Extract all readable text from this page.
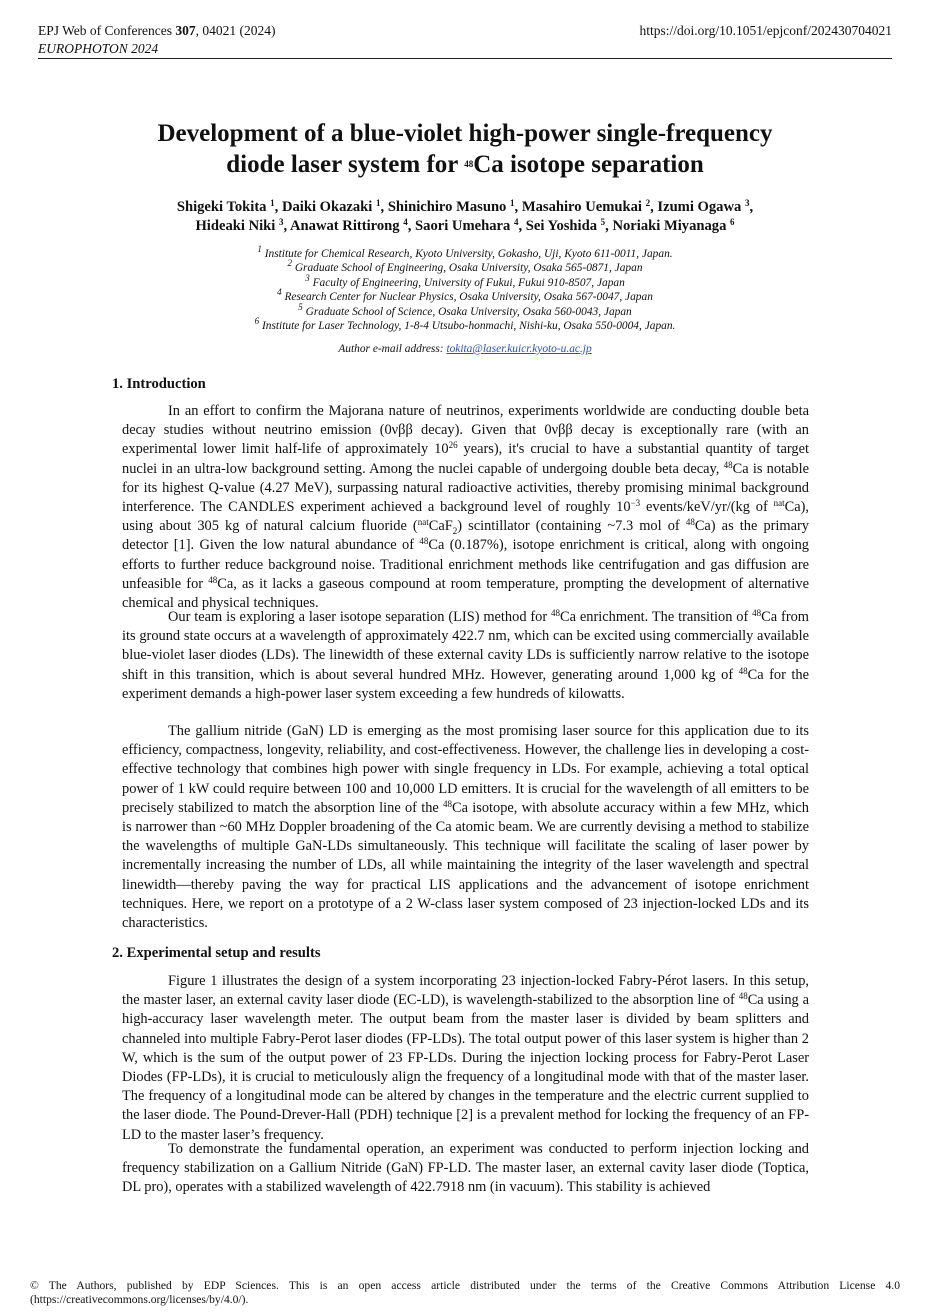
EPJ Web of Conferences 307, 04021 (2024)
EUROPHOTON 2024
https://doi.org/10.1051/epjconf/202430704021
Development of a blue-violet high-power single-frequency
diode laser system for $^{48}$Ca isotope separation
Shigeki Tokita $^1$, Daiki Okazaki $^1$, Shinichiro Masuno $^1$, Masahiro Uemukai $^2$, Izumi Ogawa $^3$,
Hideaki Niki $^3$, Anawat Rittirong $^4$, Saori Umehara $^4$, Sei Yoshida $^5$, Noriaki Miyanaga $^6$
$^1$ Institute for Chemical Research, Kyoto University, Gokasho, Uji, Kyoto 611-0011, Japan.
$^2$ Graduate School of Engineering, Osaka University, Osaka 565-0871, Japan
$^3$ Faculty of Engineering, University of Fukui, Fukui 910-8507, Japan
$^4$ Research Center for Nuclear Physics, Osaka University, Osaka 567-0047, Japan
$^5$ Graduate School of Science, Osaka University, Osaka 560-0043, Japan
$^6$ Institute for Laser Technology, 1-8-4 Utsubo-honmachi, Nishi-ku, Osaka 550-0004, Japan.
Author e-mail address: tokita@laser.kuicr.kyoto-u.ac.jp
1. Introduction
In an effort to confirm the Majorana nature of neutrinos, experiments worldwide are conducting double beta decay studies without neutrino emission (0νββ decay). Given that 0νββ decay is exceptionally rare (with an experimental lower limit half-life of approximately $10^{26}$ years), it's crucial to have a substantial quantity of target nuclei in an ultra-low background setting. Among the nuclei capable of undergoing double beta decay, $^{48}$Ca is notable for its highest Q-value (4.27 MeV), surpassing natural radioactive activities, thereby promising minimal background interference. The CANDLES experiment achieved a background level of roughly $10^{-3}$ events/keV/yr/(kg of $^{nat}$Ca), using about 305 kg of natural calcium fluoride ($^{nat}$CaF$_2$) scintillator (containing ~7.3 mol of $^{48}$Ca) as the primary detector [1]. Given the low natural abundance of $^{48}$Ca (0.187%), isotope enrichment is critical, along with ongoing efforts to further reduce background noise. Traditional enrichment methods like centrifugation and gas diffusion are unfeasible for $^{48}$Ca, as it lacks a gaseous compound at room temperature, prompting the development of alternative chemical and physical techniques.
Our team is exploring a laser isotope separation (LIS) method for $^{48}$Ca enrichment. The transition of $^{48}$Ca from its ground state occurs at a wavelength of approximately 422.7 nm, which can be excited using commercially available blue-violet laser diodes (LDs). The linewidth of these external cavity LDs is sufficiently narrow relative to the isotope shift in this transition, which is about several hundred MHz. However, generating around 1,000 kg of $^{48}$Ca for the experiment demands a high-power laser system exceeding a few hundreds of kilowatts.
The gallium nitride (GaN) LD is emerging as the most promising laser source for this application due to its efficiency, compactness, longevity, reliability, and cost-effectiveness. However, the challenge lies in developing a cost-effective technology that combines high power with single frequency in LDs. For example, achieving a total optical power of 1 kW could require between 100 and 10,000 LD emitters. It is crucial for the wavelength of all emitters to be precisely stabilized to match the absorption line of the $^{48}$Ca isotope, with absolute accuracy within a few MHz, which is narrower than ~60 MHz Doppler broadening of the Ca atomic beam. We are currently devising a method to stabilize the wavelengths of multiple GaN-LDs simultaneously. This technique will facilitate the scaling of laser power by incrementally increasing the number of LDs, all while maintaining the integrity of the laser wavelength and spectral linewidth—thereby paving the way for practical LIS applications and the advancement of isotope enrichment techniques. Here, we report on a prototype of a 2 W-class laser system composed of 23 injection-locked LDs and its characteristics.
2. Experimental setup and results
Figure 1 illustrates the design of a system incorporating 23 injection-locked Fabry-Pérot lasers. In this setup, the master laser, an external cavity laser diode (EC-LD), is wavelength-stabilized to the absorption line of $^{48}$Ca using a high-accuracy laser wavelength meter. The output beam from the master laser is divided by beam splitters and channeled into multiple Fabry-Perot laser diodes (FP-LDs). The total output power of this laser system is higher than 2 W, which is the sum of the output power of 23 FP-LDs. During the injection locking process for Fabry-Perot Laser Diodes (FP-LDs), it is crucial to meticulously align the frequency of a longitudinal mode with that of the master laser. The frequency of a longitudinal mode can be altered by changes in the temperature and the electric current supplied to the laser diode. The Pound-Drever-Hall (PDH) technique [2] is a prevalent method for locking the frequency of an FP-LD to the master laser’s frequency.
To demonstrate the fundamental operation, an experiment was conducted to perform injection locking and frequency stabilization on a Gallium Nitride (GaN) FP-LD. The master laser, an external cavity laser diode (Toptica, DL pro), operates with a stabilized wavelength of 422.7918 nm (in vacuum). This stability is achieved
© The Authors, published by EDP Sciences. This is an open access article distributed under the terms of the Creative Commons Attribution License 4.0 (https://creativecommons.org/licenses/by/4.0/).
